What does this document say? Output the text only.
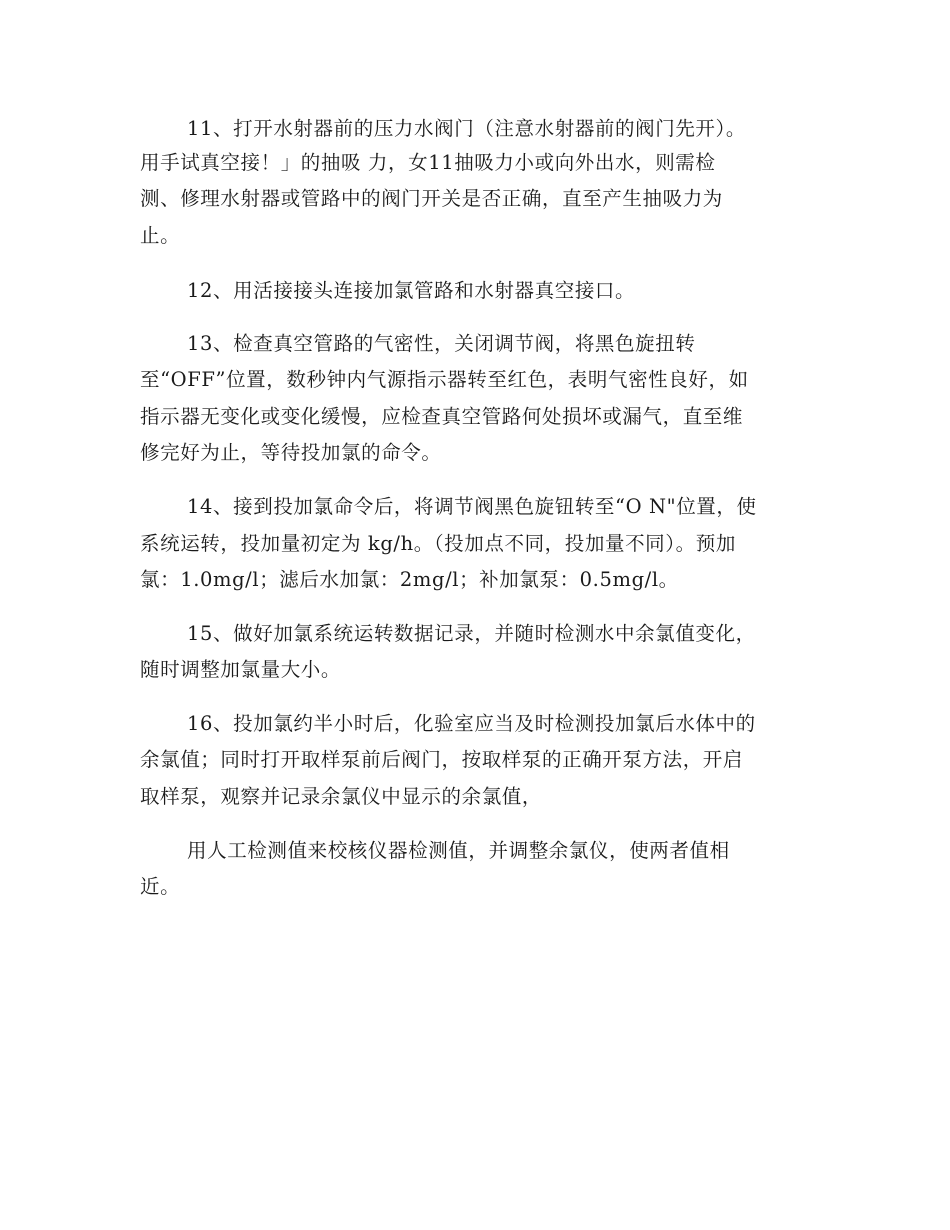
11、打开水射器前的压力水阀门（注意水射器前的阀门先开）。
用手试真空接！」的抽吸 力，女11抽吸力小或向外出水，则需检
测、修理水射器或管路中的阀门开关是否正确，直至产生抽吸力为
止。
12、用活接接头连接加氯管路和水射器真空接口。
13、检查真空管路的气密性，关闭调节阀，将黑色旋扭转
至“OFF”位置，数秒钟内气源指示器转至红色，表明气密性良好，如
指示器无变化或变化缓慢，应检查真空管路何处损坏或漏气，直至维
修完好为止，等待投加氯的命令。
14、接到投加氯命令后，将调节阀黑色旋钮转至“O N"位置，使
系统运转，投加量初定为 kg/h。（投加点不同，投加量不同）。预加
氯：1.0mg/l；滤后水加氯：2mg/l；补加氯泵：0.5mg/l。
15、做好加氯系统运转数据记录，并随时检测水中余氯值变化，
随时调整加氯量大小。
16、投加氯约半小时后，化验室应当及时检测投加氯后水体中的
余氯值；同时打开取样泵前后阀门，按取样泵的正确开泵方法，开启
取样泵，观察并记录余氯仪中显示的余氯值，
用人工检测值来校核仪器检测值，并调整余氯仪，使两者值相
近。
